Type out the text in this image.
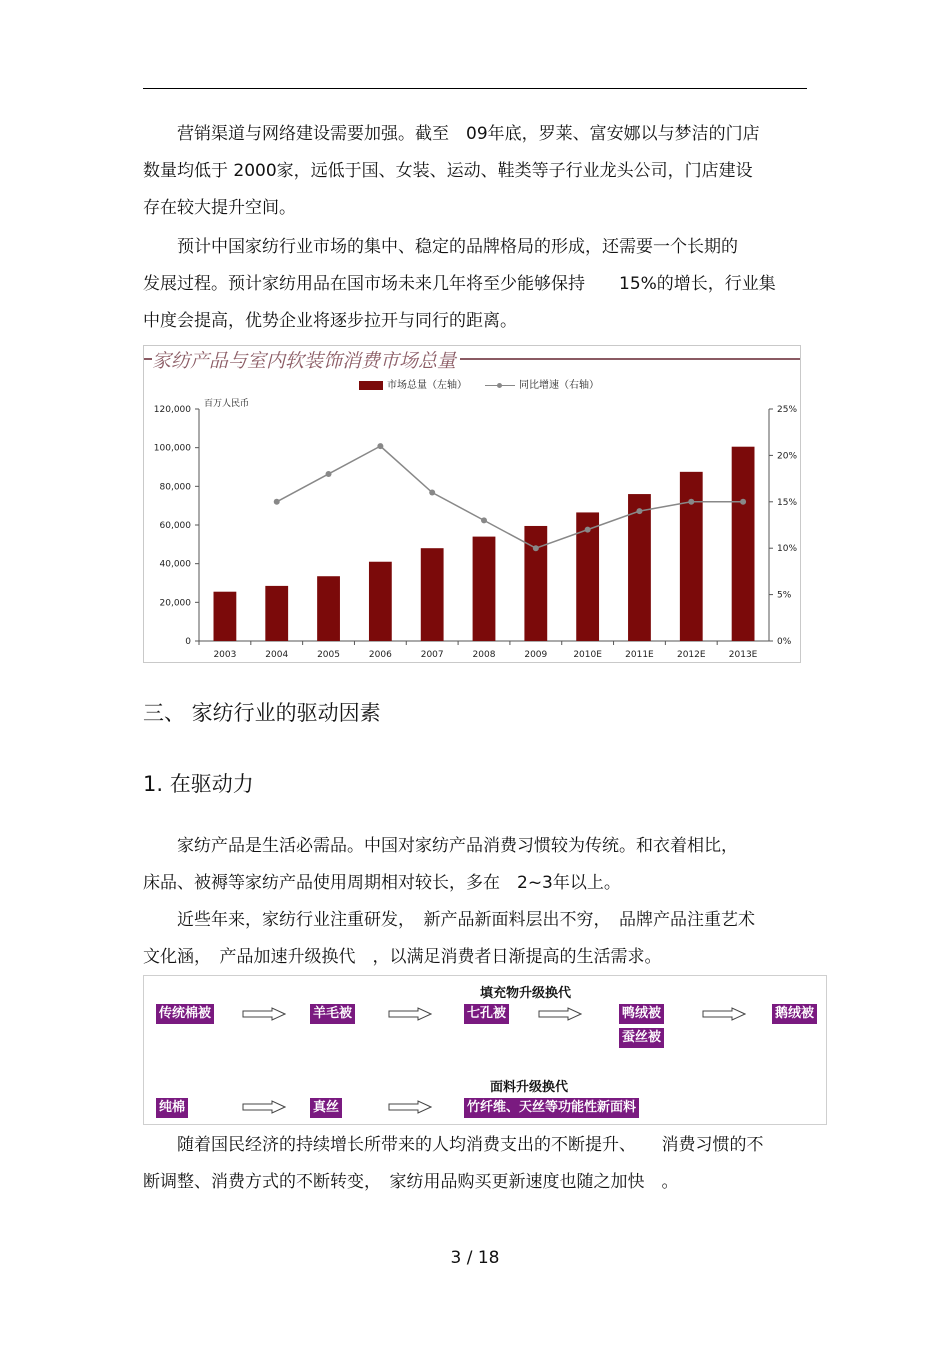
营销渠道与网络建设需要加强。截至　09年底，罗莱、富安娜以与梦洁的门店
数量均低于 2000家，远低于国、女装、运动、鞋类等子行业龙头公司，门店建设
存在较大提升空间。

预计中国家纺行业市场的集中、稳定的品牌格局的形成，还需要一个长期的
发展过程。预计家纺用品在国市场未来几年将至少能够保持　　15%的增长，行业集
中度会提高，优势企业将逐步拉开与同行的距离。

0
20,000
40,000
60,000
80,000
100,000
120,000
0%
5%
10%
15%
20%
25%
2003	2004	2005	2006	2007	2008	2009	2010E	2011E	2012E	2013E
家纺产品与室内软装饰消费市场总量
市场总量（左轴）	同比增速（右轴）
百万人民币
三、 家纺行业的驱动因素
1. 在驱动力

家纺产品是生活必需品。中国对家纺产品消费习惯较为传统。和衣着相比，
床品、被褥等家纺产品使用周期相对较长，多在　2~3年以上。

近些年来，家纺行业注重研发，　新产品新面料层出不穷，　品牌产品注重艺术
文化涵，　产品加速升级换代　，以满足消费者日渐提高的生活需求。

填充物升级换代
传统棉被	羊毛被	七孔被	鸭绒被
蚕丝被
鹅绒被
面料升级换代
纯棉	真丝	竹纤维、天丝等功能性新面料

随着国民经济的持续增长所带来的人均消费支出的不断提升、　　消费习惯的不
断调整、消费方式的不断转变，　家纺用品购买更新速度也随之加快　。

3 / 18
